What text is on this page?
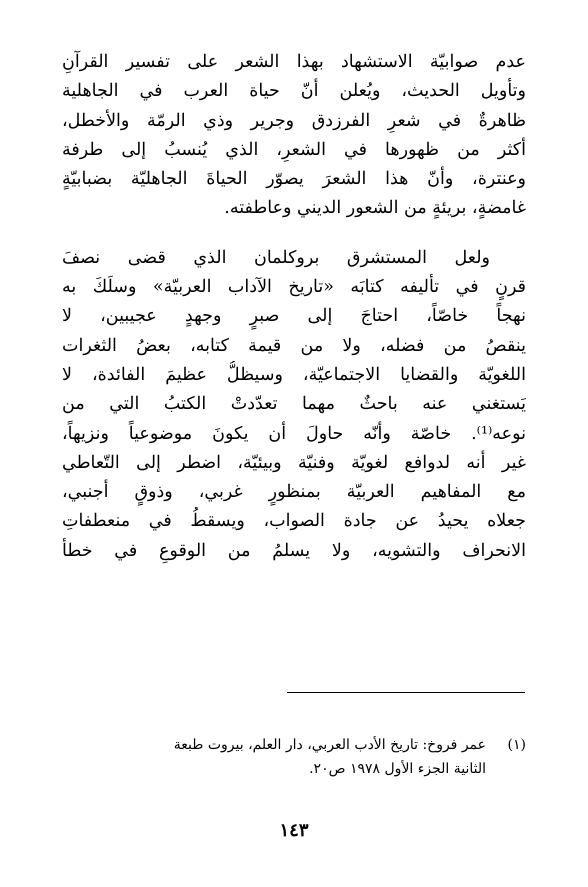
عدم صوابيّة الاستشهاد بهذا الشعر على تفسير القرآنِ
وتأويل الحديث، ويُعلن أنّ حياة العرب في الجاهلية
ظاهرةٌ في شعرِ الفرزدق وجرير وذي الرمّة والأخطل،
أكثر من ظهورها في الشعرِ، الذي يُنسبُ إلى طرفة
وعنترة، وأنّ هذا الشعرَ يصوّر الحياةَ الجاهليّة بضبابيّةٍ
غامضةٍ، بريئةٍ من الشعور الديني وعاطفته.
ولعل المستشرق بروكلمان الذي قضى نصفَ
قرنٍ في تأليفه كتابَه «تاريخ الآداب العربيّة» وسلَكَ به
نهجاً خاصّاً، احتاجَ إلى صبرٍ وجهدٍ عجيبين، لا
ينقصُ من فضله، ولا من قيمة كتابه، بعضُ الثغرات
اللغويّة والقضايا الاجتماعيّة، وسيظلُّ عظيمَ الفائدة، لا
يَستغني عنه باحثٌ مهما تعدّدتْ الكتبُ التي من
نوعه⁽¹⁾. خاصّة وأنّه حاولَ أن يكونَ موضوعياً ونزيهاً،
غير أنه لدوافع لغويّة وفنيّة وبيئيّة، اضطر إلى التّعاطي
مع المفاهيم العربيّة بمنظورٍ غربي، وذوقٍ أجنبي،
جعلاه يحيدُ عن جادة الصواب، ويسقطُ في منعطفاتِ
الانحراف والتشويه، ولا يسلمُ من الوقوعِ في خطأ
(١)عمر فروخ: تاريخ الأدب العربي، دار العلم، بيروت طبعة
الثانية الجزء الأول ١٩٧٨ ص٢٠.
١٤٣
